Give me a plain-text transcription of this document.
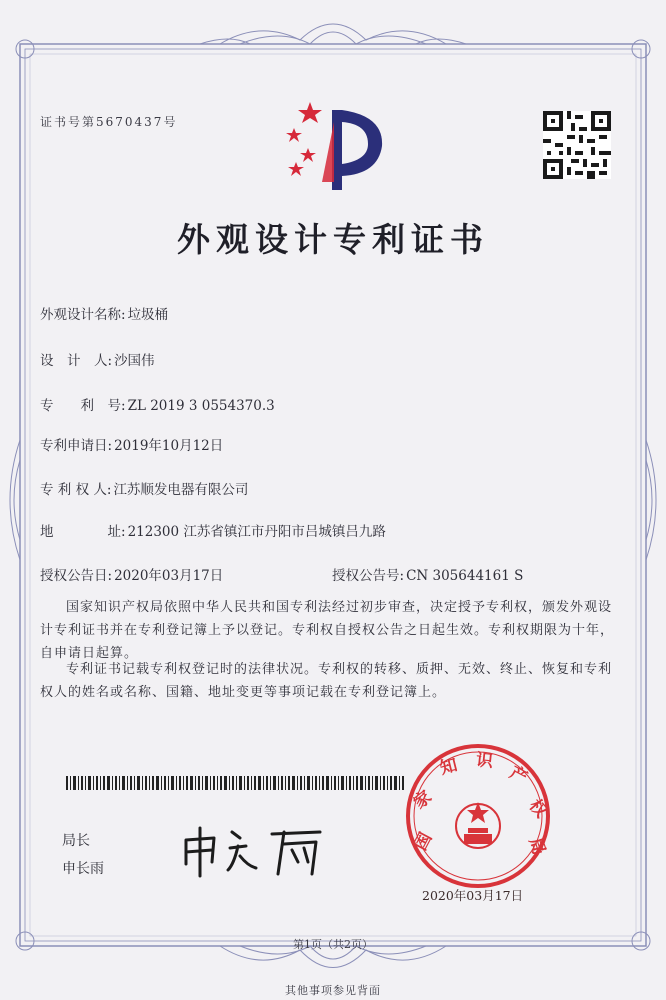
证书号第5670437号
外观设计专利证书
外观设计名称: 垃圾桶
设　计　人: 沙国伟
专　　利　号: ZL 2019 3 0554370.3
专利申请日: 2019年10月12日
专 利 权 人: 江苏顺发电器有限公司
地　　　　址: 212300 江苏省镇江市丹阳市吕城镇吕九路
授权公告日: 2020年03月17日	授权公告号: CN 305644161 S
国家知识产权局依照中华人民共和国专利法经过初步审查，决定授予专利权，颁发外观设计专利证书并在专利登记簿上予以登记。专利权自授权公告之日起生效。专利权期限为十年，自申请日起算。
专利证书记载专利权登记时的法律状况。专利权的转移、质押、无效、终止、恢复和专利权人的姓名或名称、国籍、地址变更等事项记载在专利登记簿上。
局长
申长雨
国
家
知 识
产
权
局
2020年03月17日
第1页（共2页）
其他事项参见背面
